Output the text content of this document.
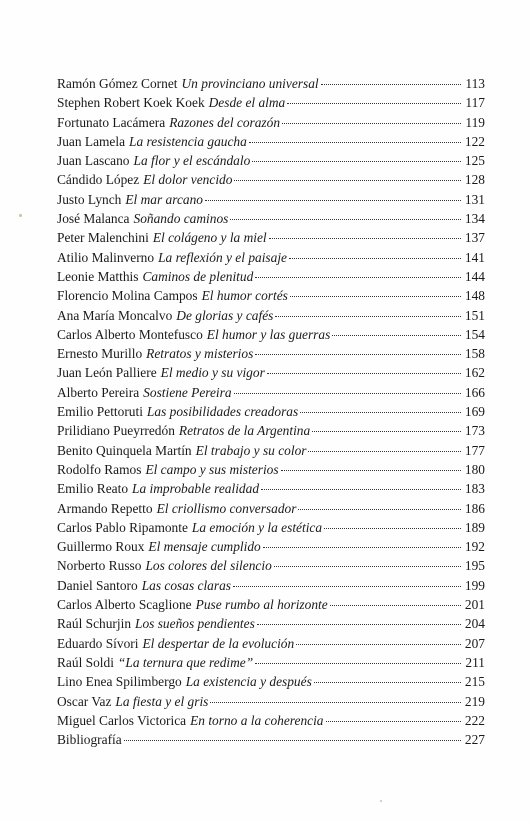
Ramón Gómez Cornet Un provinciano universal	113
Stephen Robert Koek Koek Desde el alma	117
Fortunato Lacámera Razones del corazón	119
Juan Lamela La resistencia gaucha	122
Juan Lascano La flor y el escándalo	125
Cándido López El dolor vencido	128
Justo Lynch El mar arcano	131
José Malanca Soñando caminos	134
Peter Malenchini El colágeno y la miel	137
Atilio Malinverno La reflexión y el paisaje	141
Leonie Matthis Caminos de plenitud	144
Florencio Molina Campos El humor cortés	148
Ana María Moncalvo De glorias y cafés	151
Carlos Alberto Montefusco El humor y las guerras	154
Ernesto Murillo Retratos y misterios	158
Juan León Palliere El medio y su vigor	162
Alberto Pereira Sostiene Pereira	166
Emilio Pettoruti Las posibilidades creadoras	169
Prilidiano Pueyrredón Retratos de la Argentina	173
Benito Quinquela Martín El trabajo y su color	177
Rodolfo Ramos El campo y sus misterios	180
Emilio Reato La improbable realidad	183
Armando Repetto El criollismo conversador	186
Carlos Pablo Ripamonte La emoción y la estética	189
Guillermo Roux El mensaje cumplido	192
Norberto Russo Los colores del silencio	195
Daniel Santoro Las cosas claras	199
Carlos Alberto Scaglione Puse rumbo al horizonte	201
Raúl Schurjin Los sueños pendientes	204
Eduardo Sívori El despertar de la evolución	207
Raúl Soldi “La ternura que redime”	211
Lino Enea Spilimbergo La existencia y después	215
Oscar Vaz La fiesta y el gris	219
Miguel Carlos Victorica En torno a la coherencia	222
Bibliografía	227
